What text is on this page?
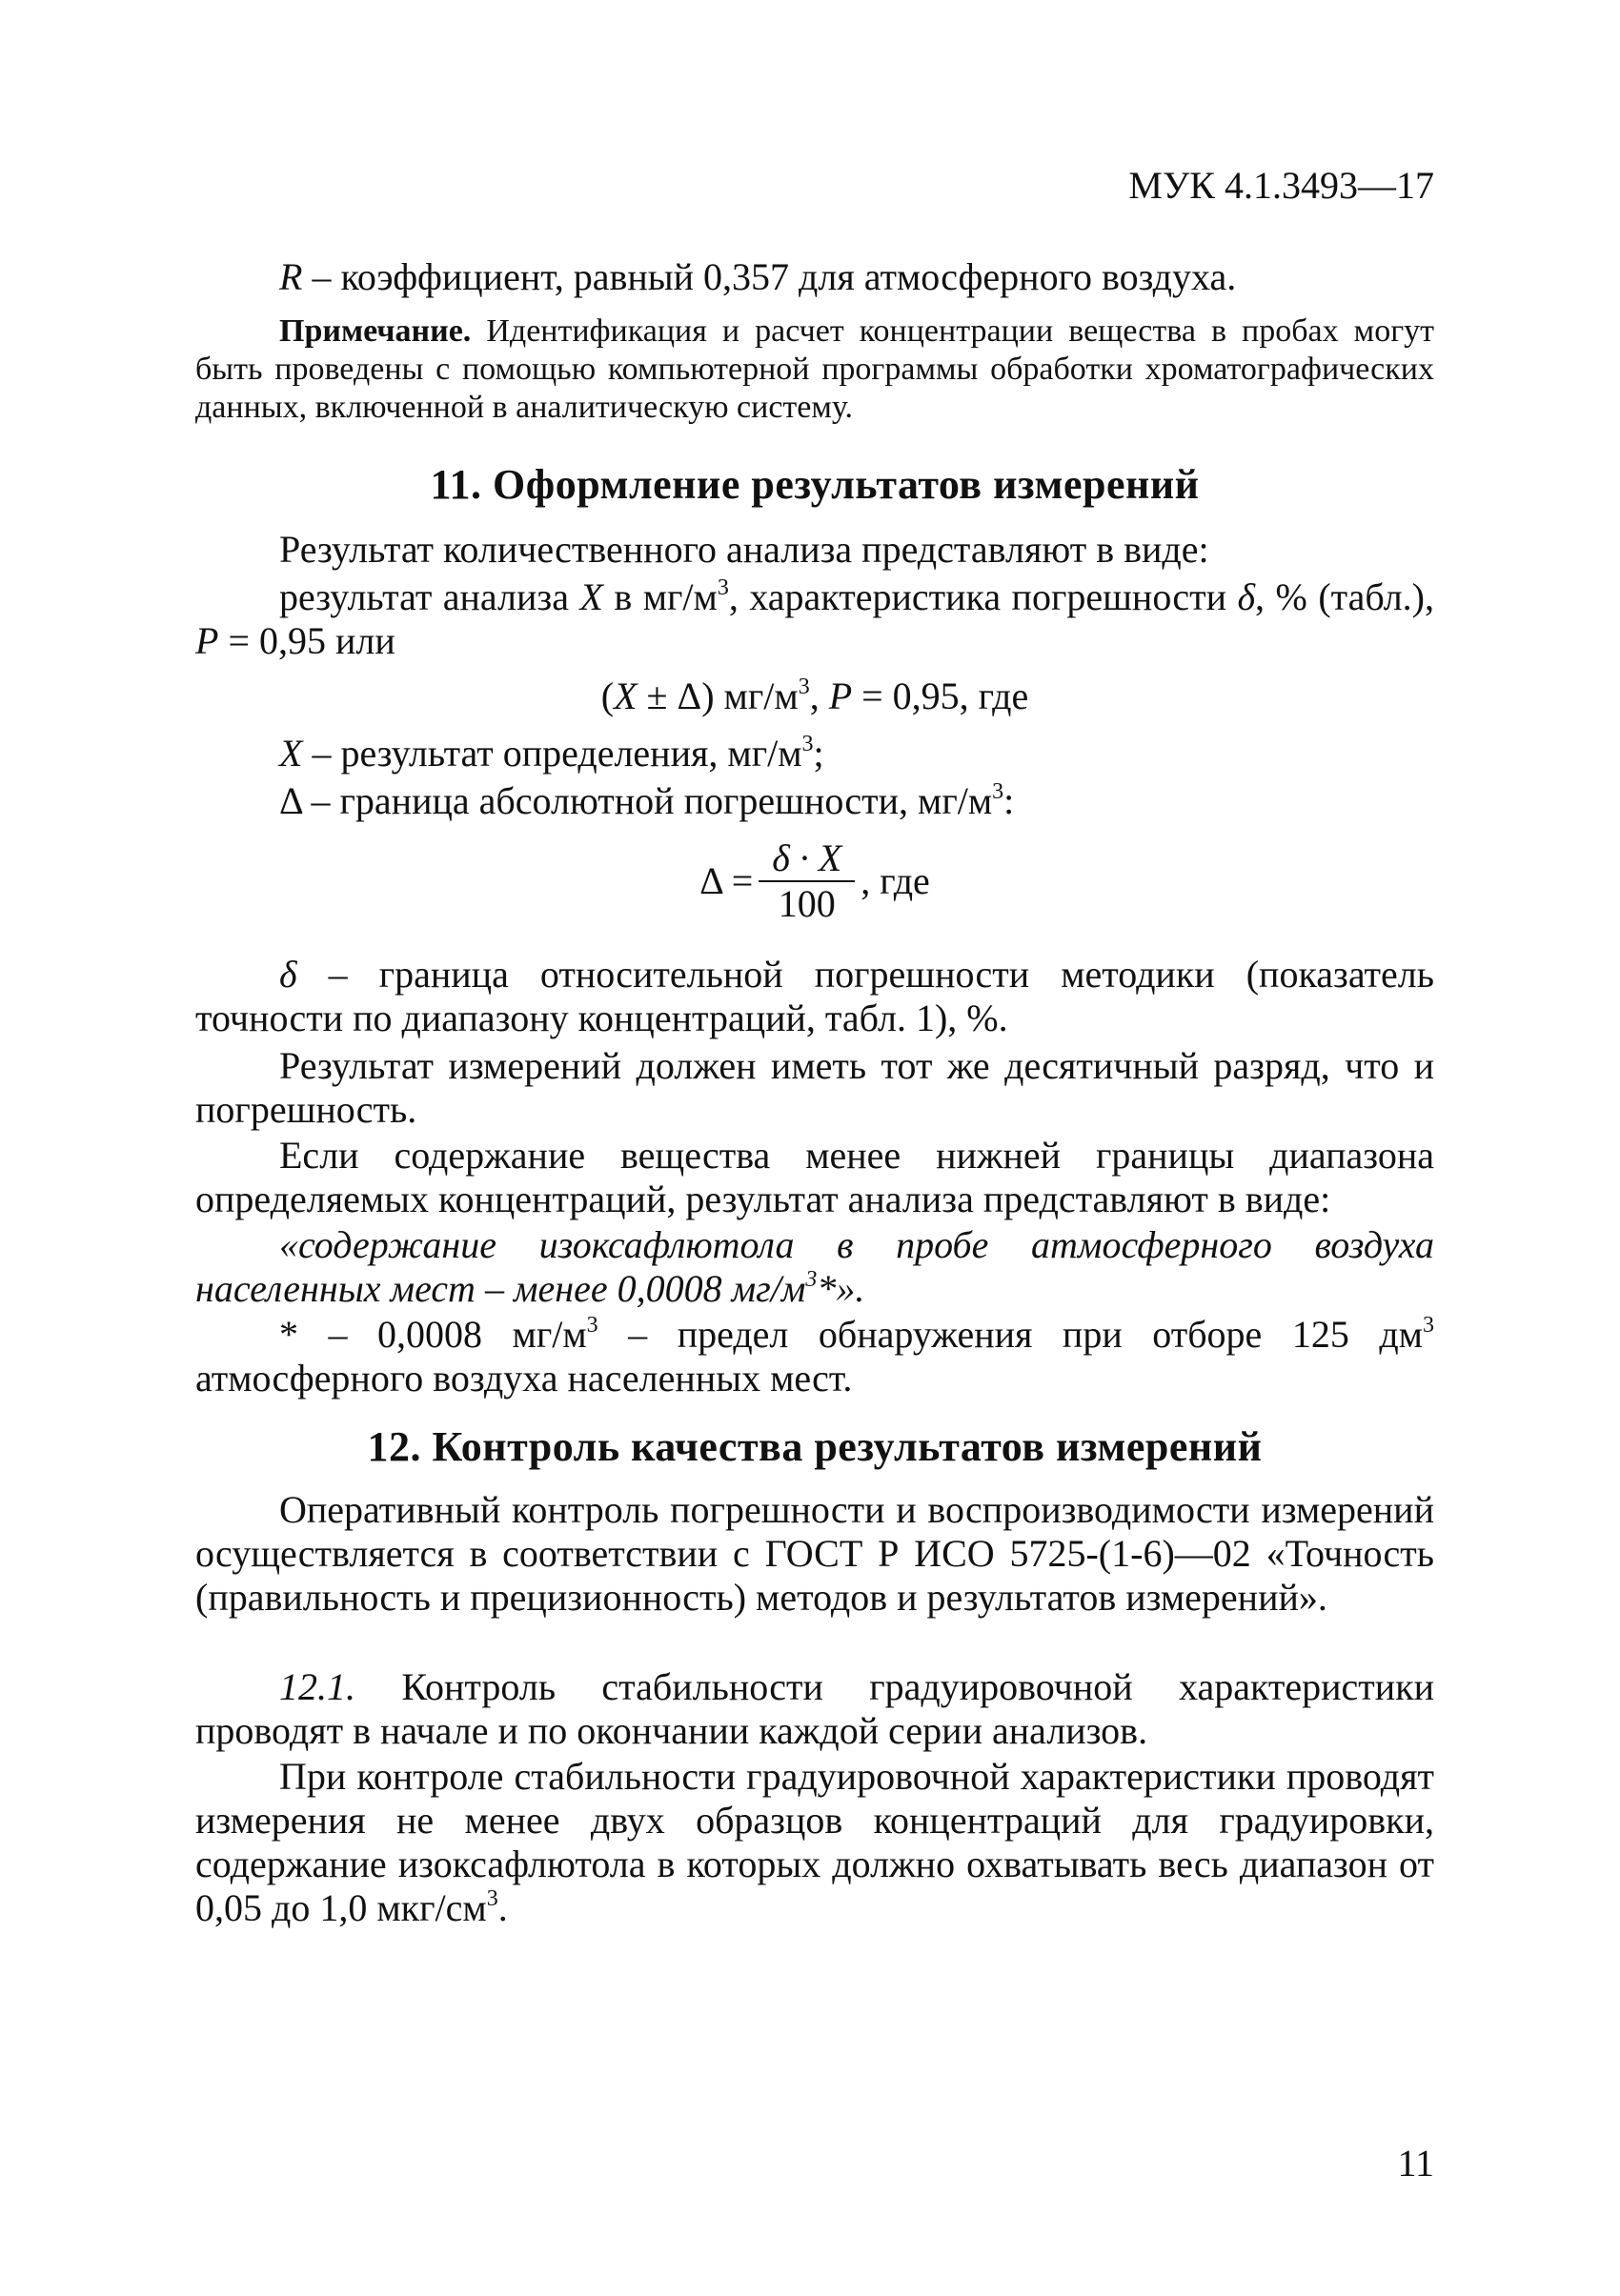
МУК 4.1.3493—17
R – коэффициент, равный 0,357 для атмосферного воздуха.
Примечание. Идентификация и расчет концентрации вещества в пробах могут быть проведены с помощью компьютерной программы обработки хроматографических данных, включенной в аналитическую систему.
11. Оформление результатов измерений
Результат количественного анализа представляют в виде:
результат анализа X в $мг/м^3$, характеристика погрешности δ, % (табл.), P = 0,95 или
(X ± Δ) $мг/м^3$, P = 0,95, где
X – результат определения, $мг/м^3$;
Δ – граница абсолютной погрешности, $мг/м^3$:
$\Delta = \frac{\delta \cdot X}{100}$ , где
δ – граница относительной погрешности методики (показатель точности по диапазону концентраций, табл. 1), %.
Результат измерений должен иметь тот же десятичный разряд, что и погрешность.
Если содержание вещества менее нижней границы диапазона определяемых концентраций, результат анализа представляют в виде:
«содержание изоксафлютола в пробе атмосферного воздуха населенных мест – менее 0,0008 $мг/м^3*$».
* – 0,0008 $мг/м^3$ – предел обнаружения при отборе 125 $дм^3$ атмосферного воздуха населенных мест.
12. Контроль качества результатов измерений
Оперативный контроль погрешности и воспроизводимости измерений осуществляется в соответствии с ГОСТ Р ИСО 5725-(1-6)—02 «Точность (правильность и прецизионность) методов и результатов измерений».
12.1. Контроль стабильности градуировочной характеристики проводят в начале и по окончании каждой серии анализов.
При контроле стабильности градуировочной характеристики проводят измерения не менее двух образцов концентраций для градуировки, содержание изоксафлютола в которых должно охватывать весь диапазон от 0,05 до 1,0 мкг/$см^3$.
11
